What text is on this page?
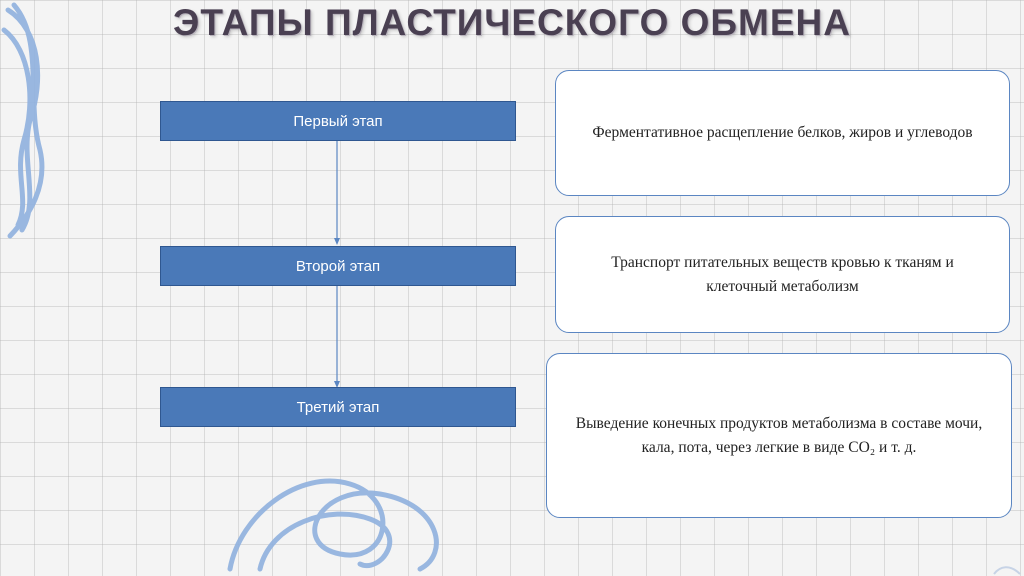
ЭТАПЫ ПЛАСТИЧЕСКОГО ОБМЕНА
Первый этап
Второй этап
Третий этап
Ферментативное расщепление белков, жиров и углеводов
Транспорт питательных веществ кровью к тканям и клеточный метаболизм
Выведение конечных продуктов метаболизма в составе мочи, кала, пота, через легкие в виде СО₂ и т. д.
